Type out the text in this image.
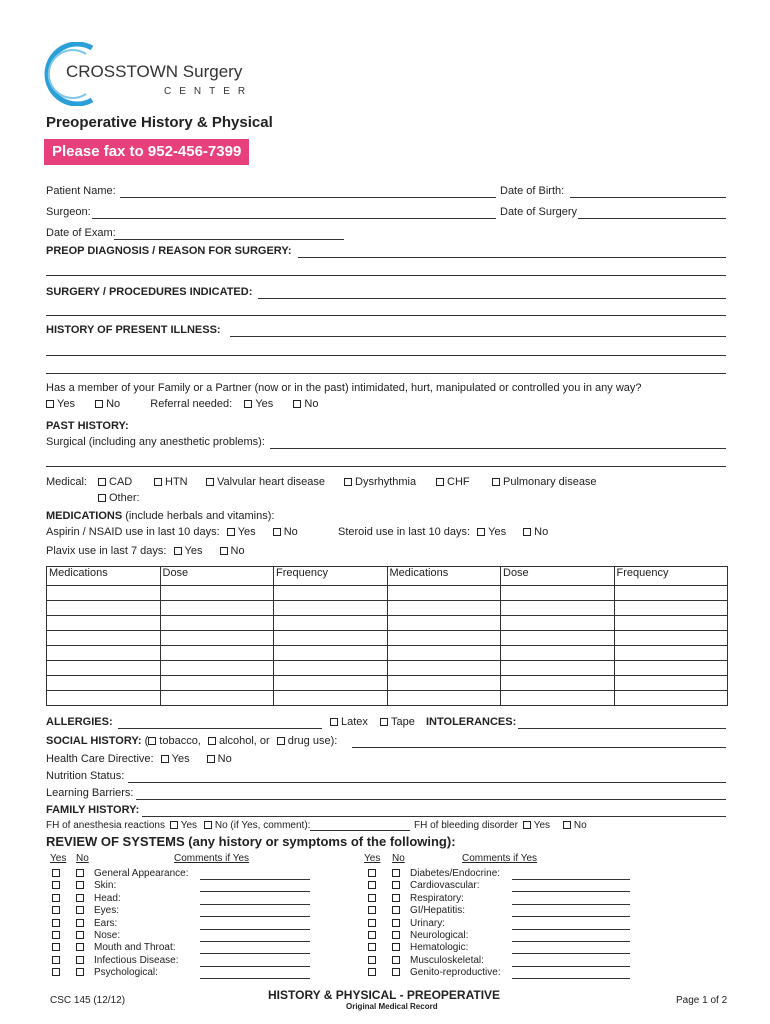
CROSSTOWN Surgery
CENTER
Preoperative History & Physical
Please fax to 952-456-7399
Patient Name:	Date of Birth:
Surgeon:	Date of Surgery
Date of Exam:
PREOP DIAGNOSIS / REASON FOR SURGERY:
SURGERY / PROCEDURES INDICATED:
HISTORY OF PRESENT ILLNESS:
Has a member of your Family or a Partner (now or in the past) intimidated, hurt, manipulated or controlled you in any way?
Yes	No	Referral needed: Yes	No
PAST HISTORY:
Surgical (including any anesthetic problems):
Medical:	CAD	HTN	Valvular heart disease	Dysrhythmia	CHF	Pulmonary disease
Other:
MEDICATIONS (include herbals and vitamins):
Aspirin / NSAID use in last 10 days: Yes	No	Steroid use in last 10 days: Yes	No
Plavix use in last 7 days: Yes	No
Medications	Dose	Frequency	Medications	Dose	Frequency

ALLERGIES:	Latex	Tape INTOLERANCES:
SOCIAL HISTORY: ( tobacco, alcohol, or drug use):
Health Care Directive: Yes	No
Nutrition Status:
Learning Barriers:
FAMILY HISTORY:
FH of anesthesia reactions Yes No (if Yes, comment):	FH of bleeding disorder Yes No
REVIEW OF SYSTEMS (any history or symptoms of the following):
Yes No	Comments if Yes	Yes No	Comments if Yes
General Appearance:
Skin:
Head:
Eyes:
Ears:
Nose:
Mouth and Throat:
Infectious Disease:
Psychological:
Diabetes/Endocrine:
Cardiovascular:
Respiratory:
GI/Hepatitis:
Urinary:
Neurological:
Hematologic:
Musculoskeletal:
Genito-reproductive:
CSC 145 (12/12)	HISTORY & PHYSICAL - PREOPERATIVE
Original Medical Record
Page 1 of 2
